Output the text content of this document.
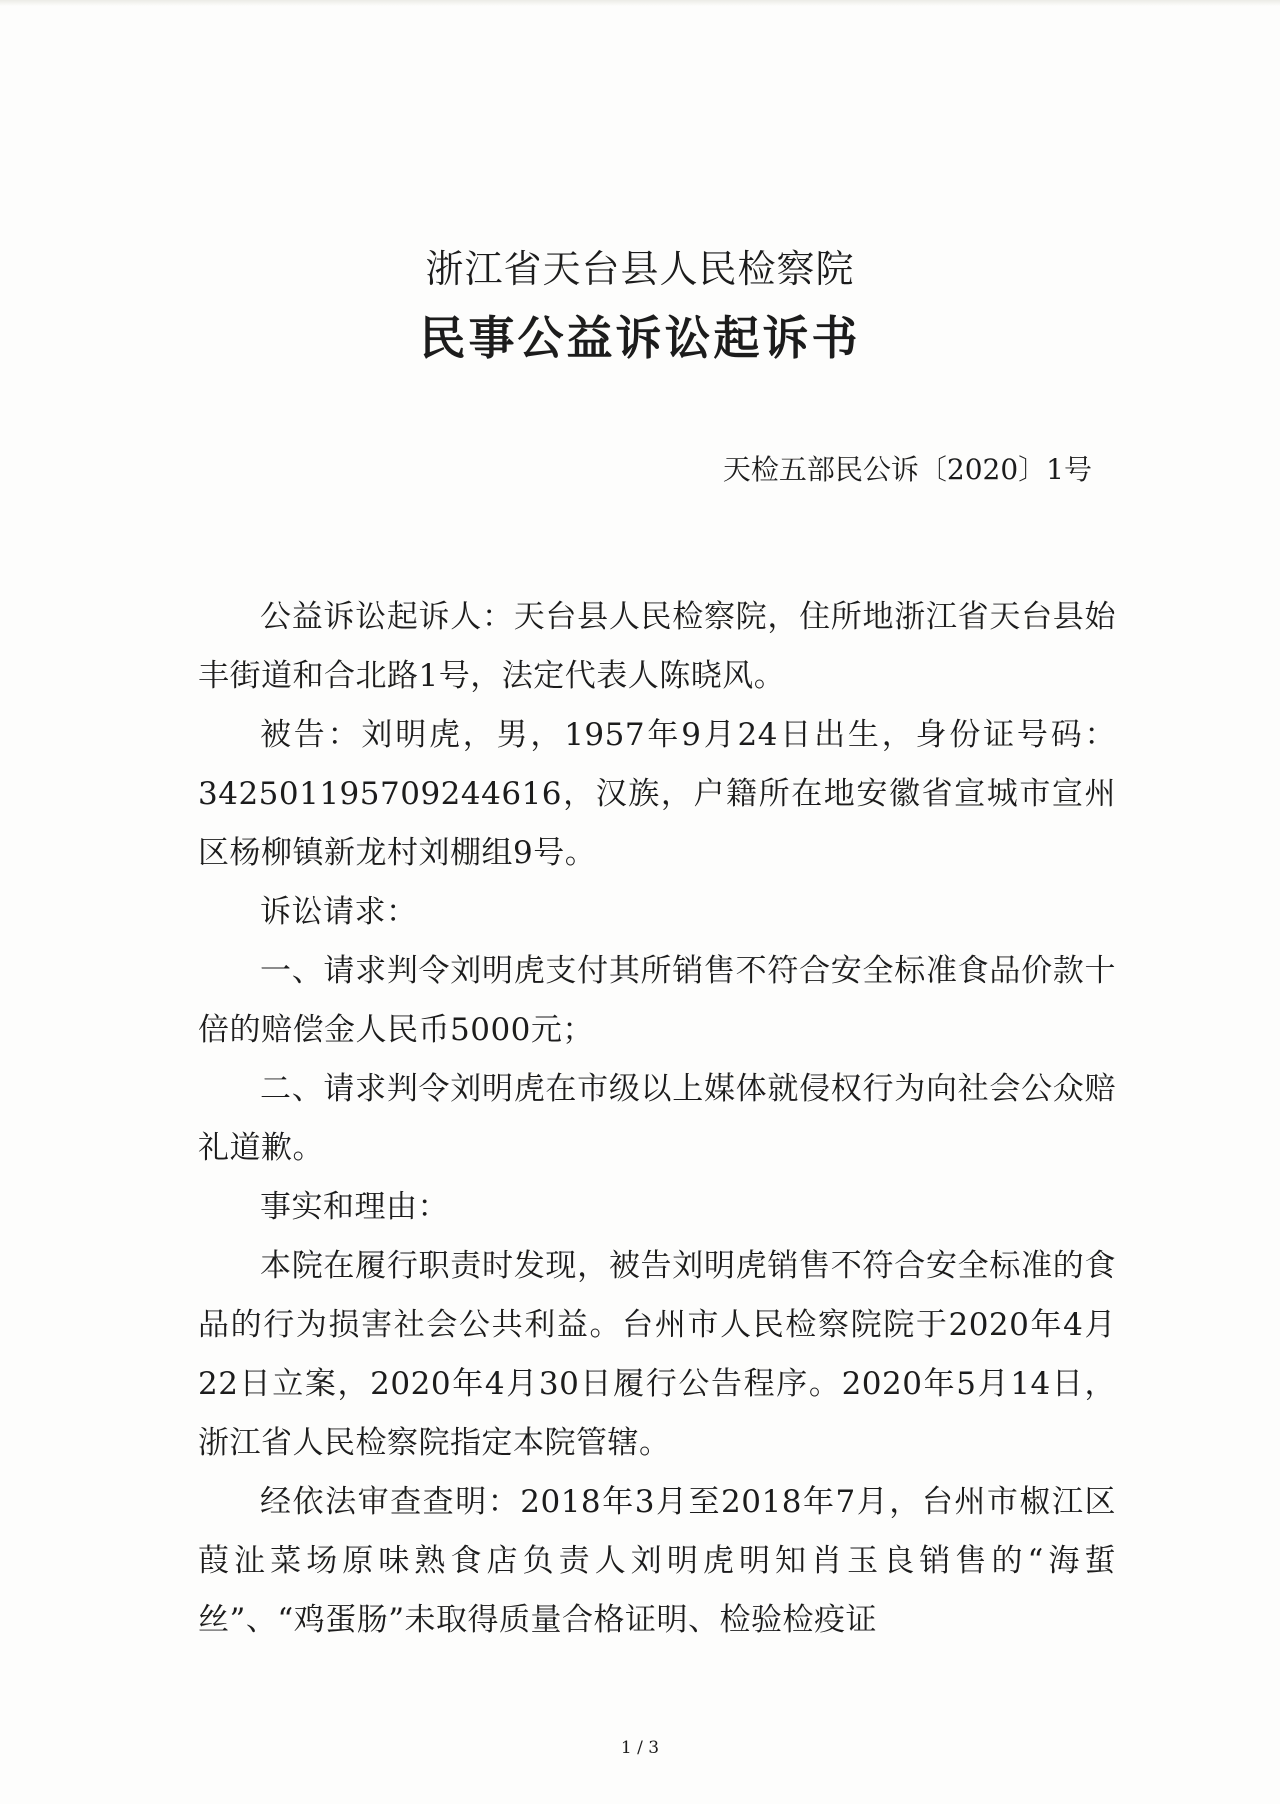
浙江省天台县人民检察院
民事公益诉讼起诉书
天检五部民公诉〔2020〕1号

公益诉讼起诉人：天台县人民检察院，住所地浙江省天台县始丰街道和合北路1号，法定代表人陈晓风。

被告：刘明虎，男，1957年9月24日出生，身份证号码：342501195709244616，汉族，户籍所在地安徽省宣城市宣州区杨柳镇新龙村刘棚组9号。

诉讼请求：

一、请求判令刘明虎支付其所销售不符合安全标准食品价款十倍的赔偿金人民币5000元；

二、请求判令刘明虎在市级以上媒体就侵权行为向社会公众赔礼道歉。

事实和理由：

本院在履行职责时发现，被告刘明虎销售不符合安全标准的食品的行为损害社会公共利益。台州市人民检察院院于2020年4月22日立案，2020年4月30日履行公告程序。2020年5月14日，浙江省人民检察院指定本院管辖。

经依法审查查明：2018年3月至2018年7月，台州市椒江区葭沚菜场原味熟食店负责人刘明虎明知肖玉良销售的“海蜇丝”、“鸡蛋肠”未取得质量合格证明、检验检疫证

1 / 3
